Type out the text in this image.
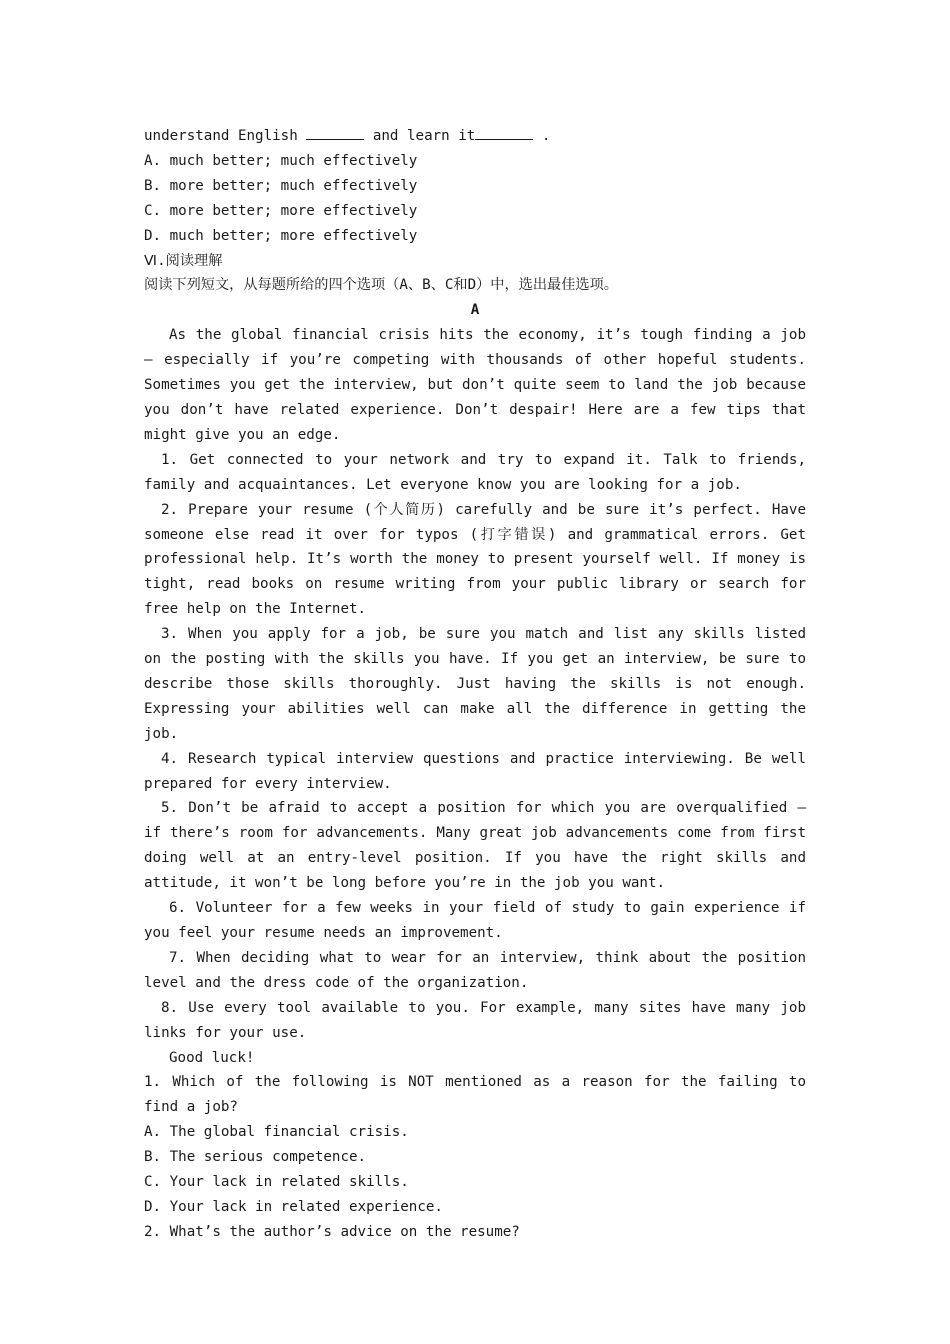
understand English	and learn it	.
A. much better; much effectively
B. more better; much effectively
C. more better; more effectively
D. much better; more effectively
Ⅵ.阅读理解
阅读下列短文，从每题所给的四个选项（A、B、C和D）中，选出最佳选项。
A
As the global financial crisis hits the economy, it’s tough finding a job — especially if you’re competing with thousands of other hopeful students. Sometimes you get the interview, but don’t quite seem to land the job because you don’t have related experience. Don’t despair! Here are a few tips that might give you an edge.
1. Get connected to your network and try to expand it. Talk to friends, family and acquaintances. Let everyone know you are looking for a job.
2. Prepare your resume (个人简历) carefully and be sure it’s perfect. Have someone else read it over for typos (打字错误) and grammatical errors. Get professional help. It’s worth the money to present yourself well. If money is tight, read books on resume writing from your public library or search for free help on the Internet.
3. When you apply for a job, be sure you match and list any skills listed on the posting with the skills you have. If you get an interview, be sure to describe those skills thoroughly. Just having the skills is not enough. Expressing your abilities well can make all the difference in getting the job.
4. Research typical interview questions and practice interviewing. Be well prepared for every interview.
5. Don’t be afraid to accept a position for which you are overqualified — if there’s room for advancements. Many great job advancements come from first doing well at an entry-level position. If you have the right skills and attitude, it won’t be long before you’re in the job you want.
6. Volunteer for a few weeks in your field of study to gain experience if you feel your resume needs an improvement.
7. When deciding what to wear for an interview, think about the position level and the dress code of the organization.
8. Use every tool available to you. For example, many sites have many job links for your use.
Good luck!
1. Which of the following is NOT mentioned as a reason for the failing to find a job?
A. The global financial crisis.
B. The serious competence.
C. Your lack in related skills.
D. Your lack in related experience.
2. What’s the author’s advice on the resume?
